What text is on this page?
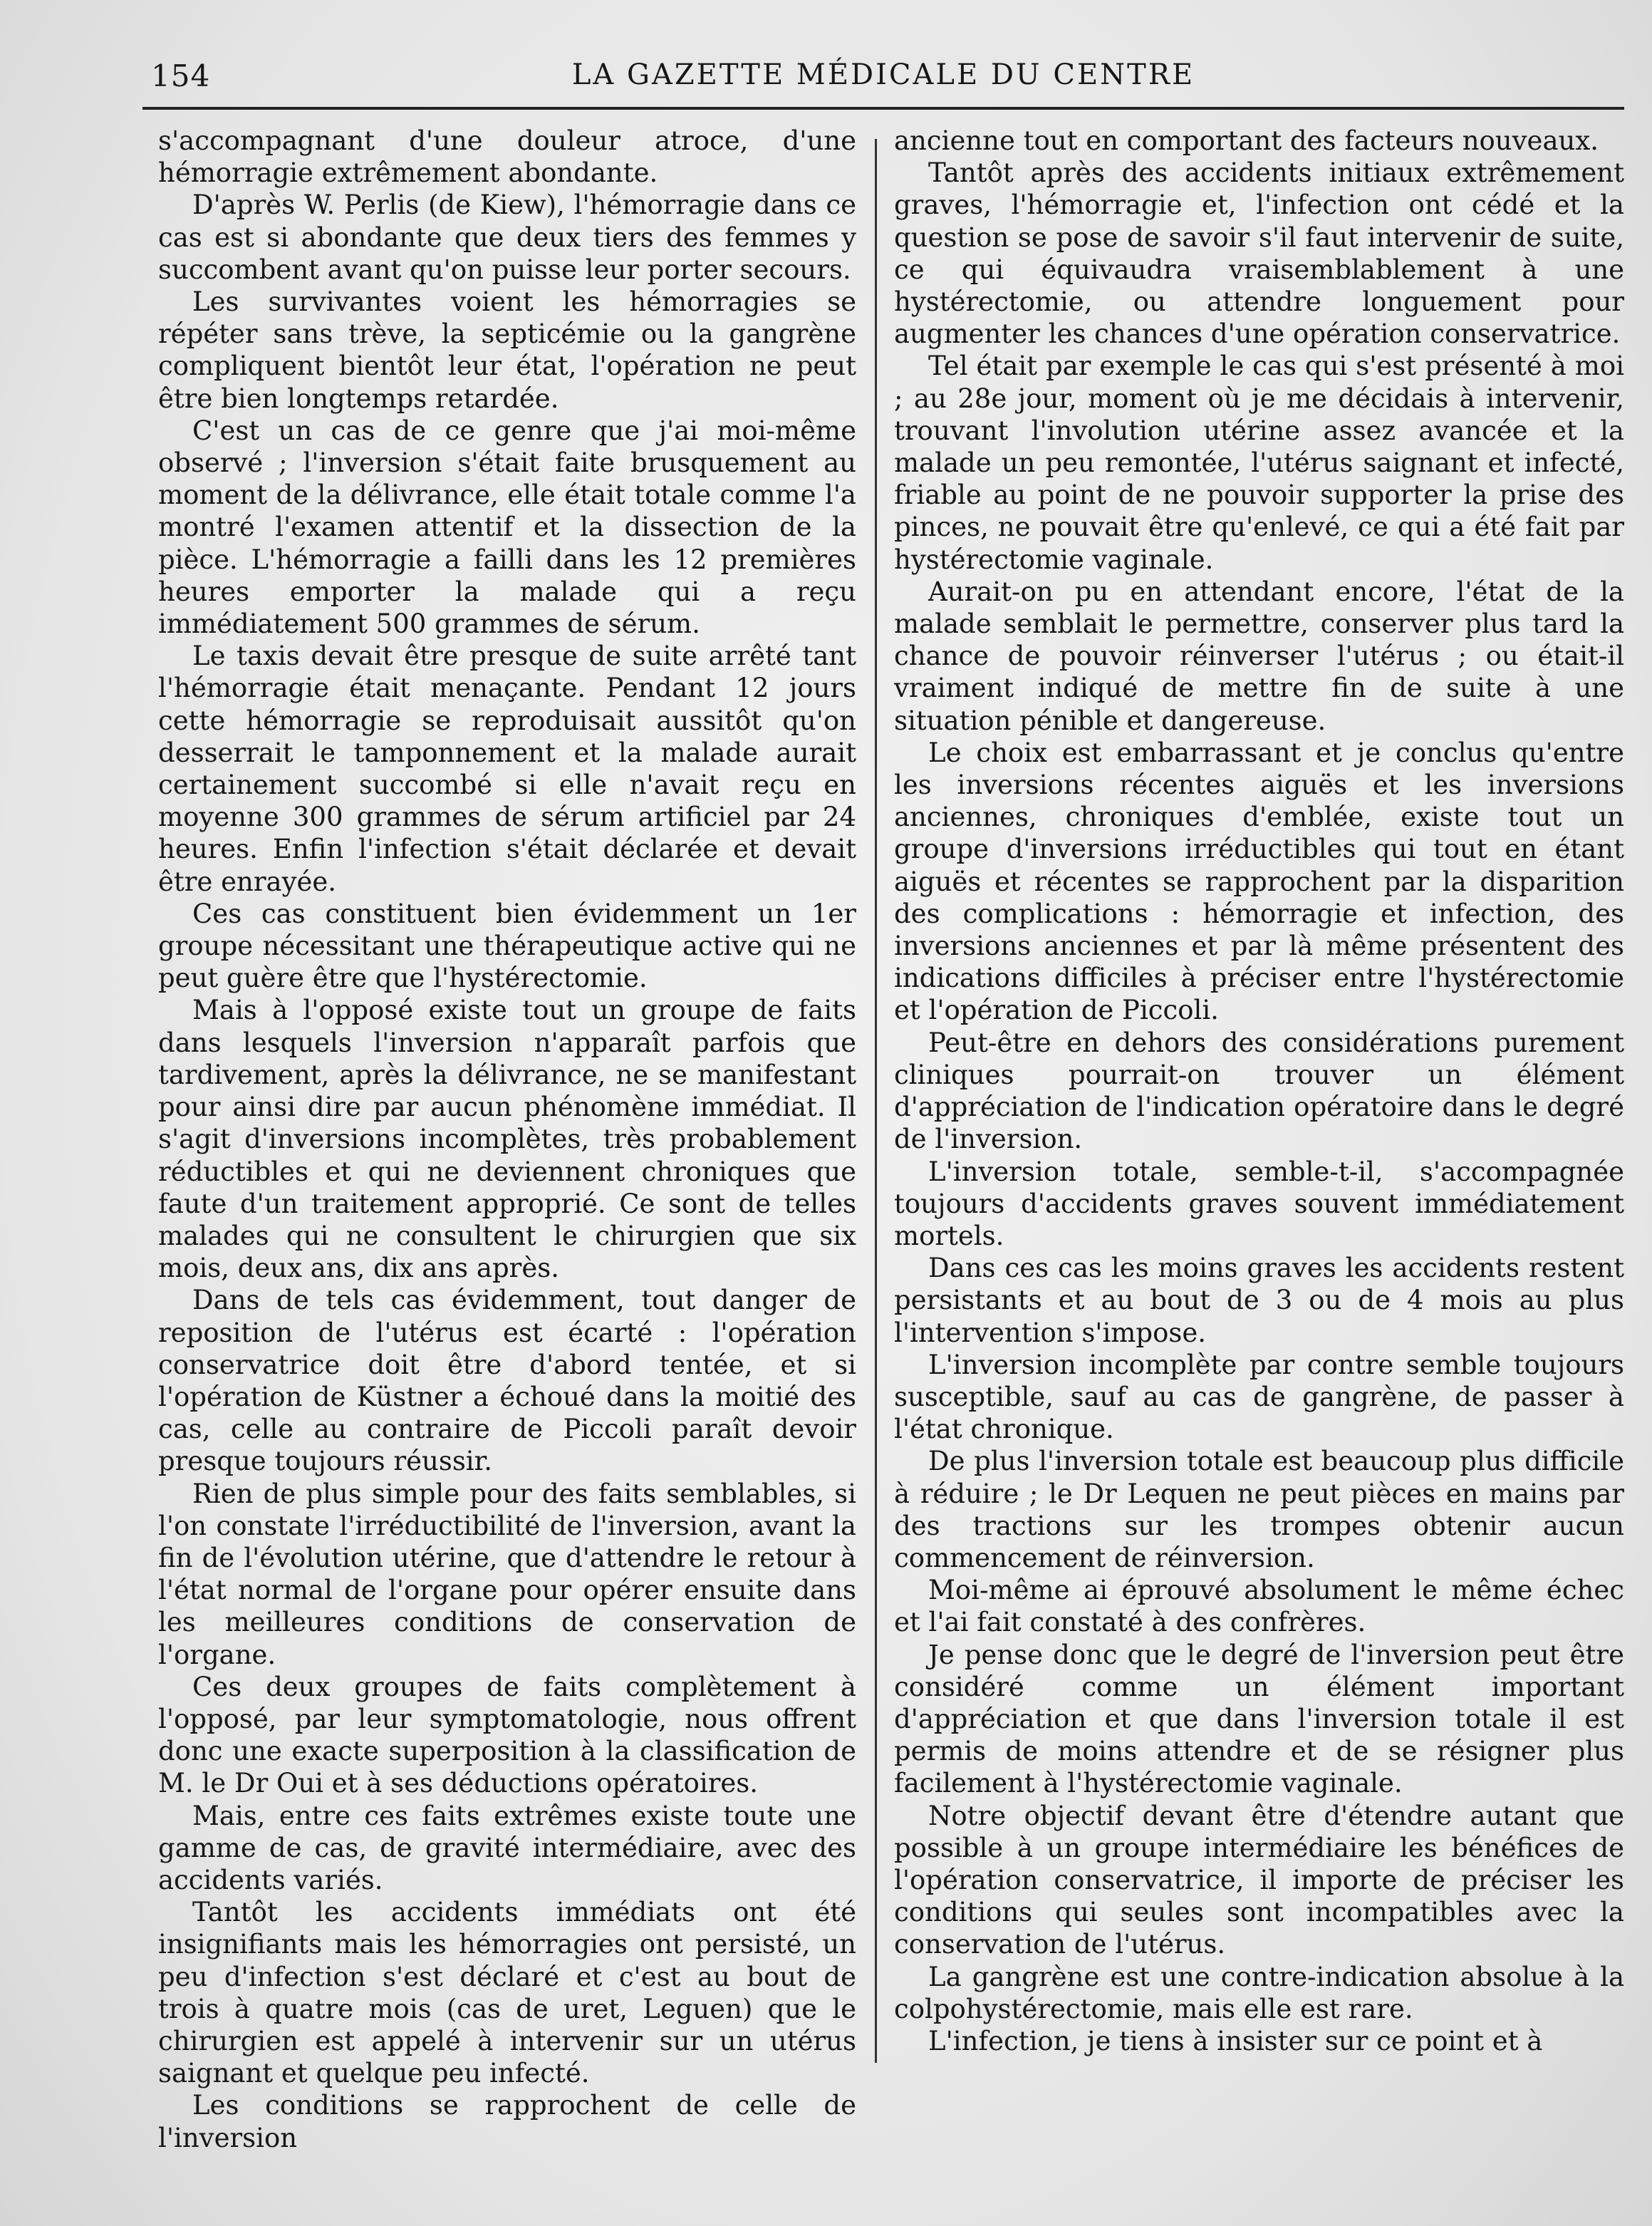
154	LA GAZETTE MÉDICALE DU CENTRE

s'accompagnant d'une douleur atroce, d'une hémorragie extrêmement abondante.

D'après W. Perlis (de Kiew), l'hémorragie dans ce cas est si abondante que deux tiers des femmes y succombent avant qu'on puisse leur porter secours.

Les survivantes voient les hémorragies se répéter sans trève, la septicémie ou la gangrène compliquent bientôt leur état, l'opération ne peut être bien longtemps retardée.

C'est un cas de ce genre que j'ai moi-même observé ; l'inversion s'était faite brusquement au moment de la délivrance, elle était totale comme l'a montré l'examen attentif et la dissection de la pièce. L'hémorragie a failli dans les 12 premières heures emporter la malade qui a reçu immédiatement 500 grammes de sérum.

Le taxis devait être presque de suite arrêté tant l'hémorragie était menaçante. Pendant 12 jours cette hémorragie se reproduisait aussitôt qu'on desserrait le tamponnement et la malade aurait certainement succombé si elle n'avait reçu en moyenne 300 grammes de sérum artificiel par 24 heures. Enfin l'infection s'était déclarée et devait être enrayée.

Ces cas constituent bien évidemment un 1er groupe nécessitant une thérapeutique active qui ne peut guère être que l'hystérectomie.

Mais à l'opposé existe tout un groupe de faits dans lesquels l'inversion n'apparaît parfois que tardivement, après la délivrance, ne se manifestant pour ainsi dire par aucun phénomène immédiat. Il s'agit d'inversions incomplètes, très probablement réductibles et qui ne deviennent chroniques que faute d'un traitement approprié. Ce sont de telles malades qui ne consultent le chirurgien que six mois, deux ans, dix ans après.

Dans de tels cas évidemment, tout danger de reposition de l'utérus est écarté : l'opération conservatrice doit être d'abord tentée, et si l'opération de Küstner a échoué dans la moitié des cas, celle au contraire de Piccoli paraît devoir presque toujours réussir.

Rien de plus simple pour des faits semblables, si l'on constate l'irréductibilité de l'inversion, avant la fin de l'évolution utérine, que d'attendre le retour à l'état normal de l'organe pour opérer ensuite dans les meilleures conditions de conservation de l'organe.

Ces deux groupes de faits complètement à l'opposé, par leur symptomatologie, nous offrent donc une exacte superposition à la classification de M. le Dr Oui et à ses déductions opératoires.

Mais, entre ces faits extrêmes existe toute une gamme de cas, de gravité intermédiaire, avec des accidents variés.

Tantôt les accidents immédiats ont été insignifiants mais les hémorragies ont persisté, un peu d'infection s'est déclaré et c'est au bout de trois à quatre mois (cas de uret, Leguen) que le chirurgien est appelé à intervenir sur un utérus saignant et quelque peu infecté.

Les conditions se rapprochent de celle de l'inversion

ancienne tout en comportant des facteurs nouveaux.

Tantôt après des accidents initiaux extrêmement graves, l'hémorragie et, l'infection ont cédé et la question se pose de savoir s'il faut intervenir de suite, ce qui équivaudra vraisemblablement à une hystérectomie, ou attendre longuement pour augmenter les chances d'une opération conservatrice.

Tel était par exemple le cas qui s'est présenté à moi ; au 28e jour, moment où je me décidais à intervenir, trouvant l'involution utérine assez avancée et la malade un peu remontée, l'utérus saignant et infecté, friable au point de ne pouvoir supporter la prise des pinces, ne pouvait être qu'enlevé, ce qui a été fait par hystérectomie vaginale.

Aurait-on pu en attendant encore, l'état de la malade semblait le permettre, conserver plus tard la chance de pouvoir réinverser l'utérus ; ou était-il vraiment indiqué de mettre fin de suite à une situation pénible et dangereuse.

Le choix est embarrassant et je conclus qu'entre les inversions récentes aiguës et les inversions anciennes, chroniques d'emblée, existe tout un groupe d'inversions irréductibles qui tout en étant aiguës et récentes se rapprochent par la disparition des complications : hémorragie et infection, des inversions anciennes et par là même présentent des indications difficiles à préciser entre l'hystérectomie et l'opération de Piccoli.

Peut-être en dehors des considérations purement cliniques pourrait-on trouver un élément d'appréciation de l'indication opératoire dans le degré de l'inversion.

L'inversion totale, semble-t-il, s'accompagnée toujours d'accidents graves souvent immédiatement mortels.

Dans ces cas les moins graves les accidents restent persistants et au bout de 3 ou de 4 mois au plus l'intervention s'impose.

L'inversion incomplète par contre semble toujours susceptible, sauf au cas de gangrène, de passer à l'état chronique.

De plus l'inversion totale est beaucoup plus difficile à réduire ; le Dr Lequen ne peut pièces en mains par des tractions sur les trompes obtenir aucun commencement de réinversion.

Moi-même ai éprouvé absolument le même échec et l'ai fait constaté à des confrères.

Je pense donc que le degré de l'inversion peut être considéré comme un élément important d'appréciation et que dans l'inversion totale il est permis de moins attendre et de se résigner plus facilement à l'hystérectomie vaginale.

Notre objectif devant être d'étendre autant que possible à un groupe intermédiaire les bénéfices de l'opération conservatrice, il importe de préciser les conditions qui seules sont incompatibles avec la conservation de l'utérus.

La gangrène est une contre-indication absolue à la colpohystérectomie, mais elle est rare.

L'infection, je tiens à insister sur ce point et à
